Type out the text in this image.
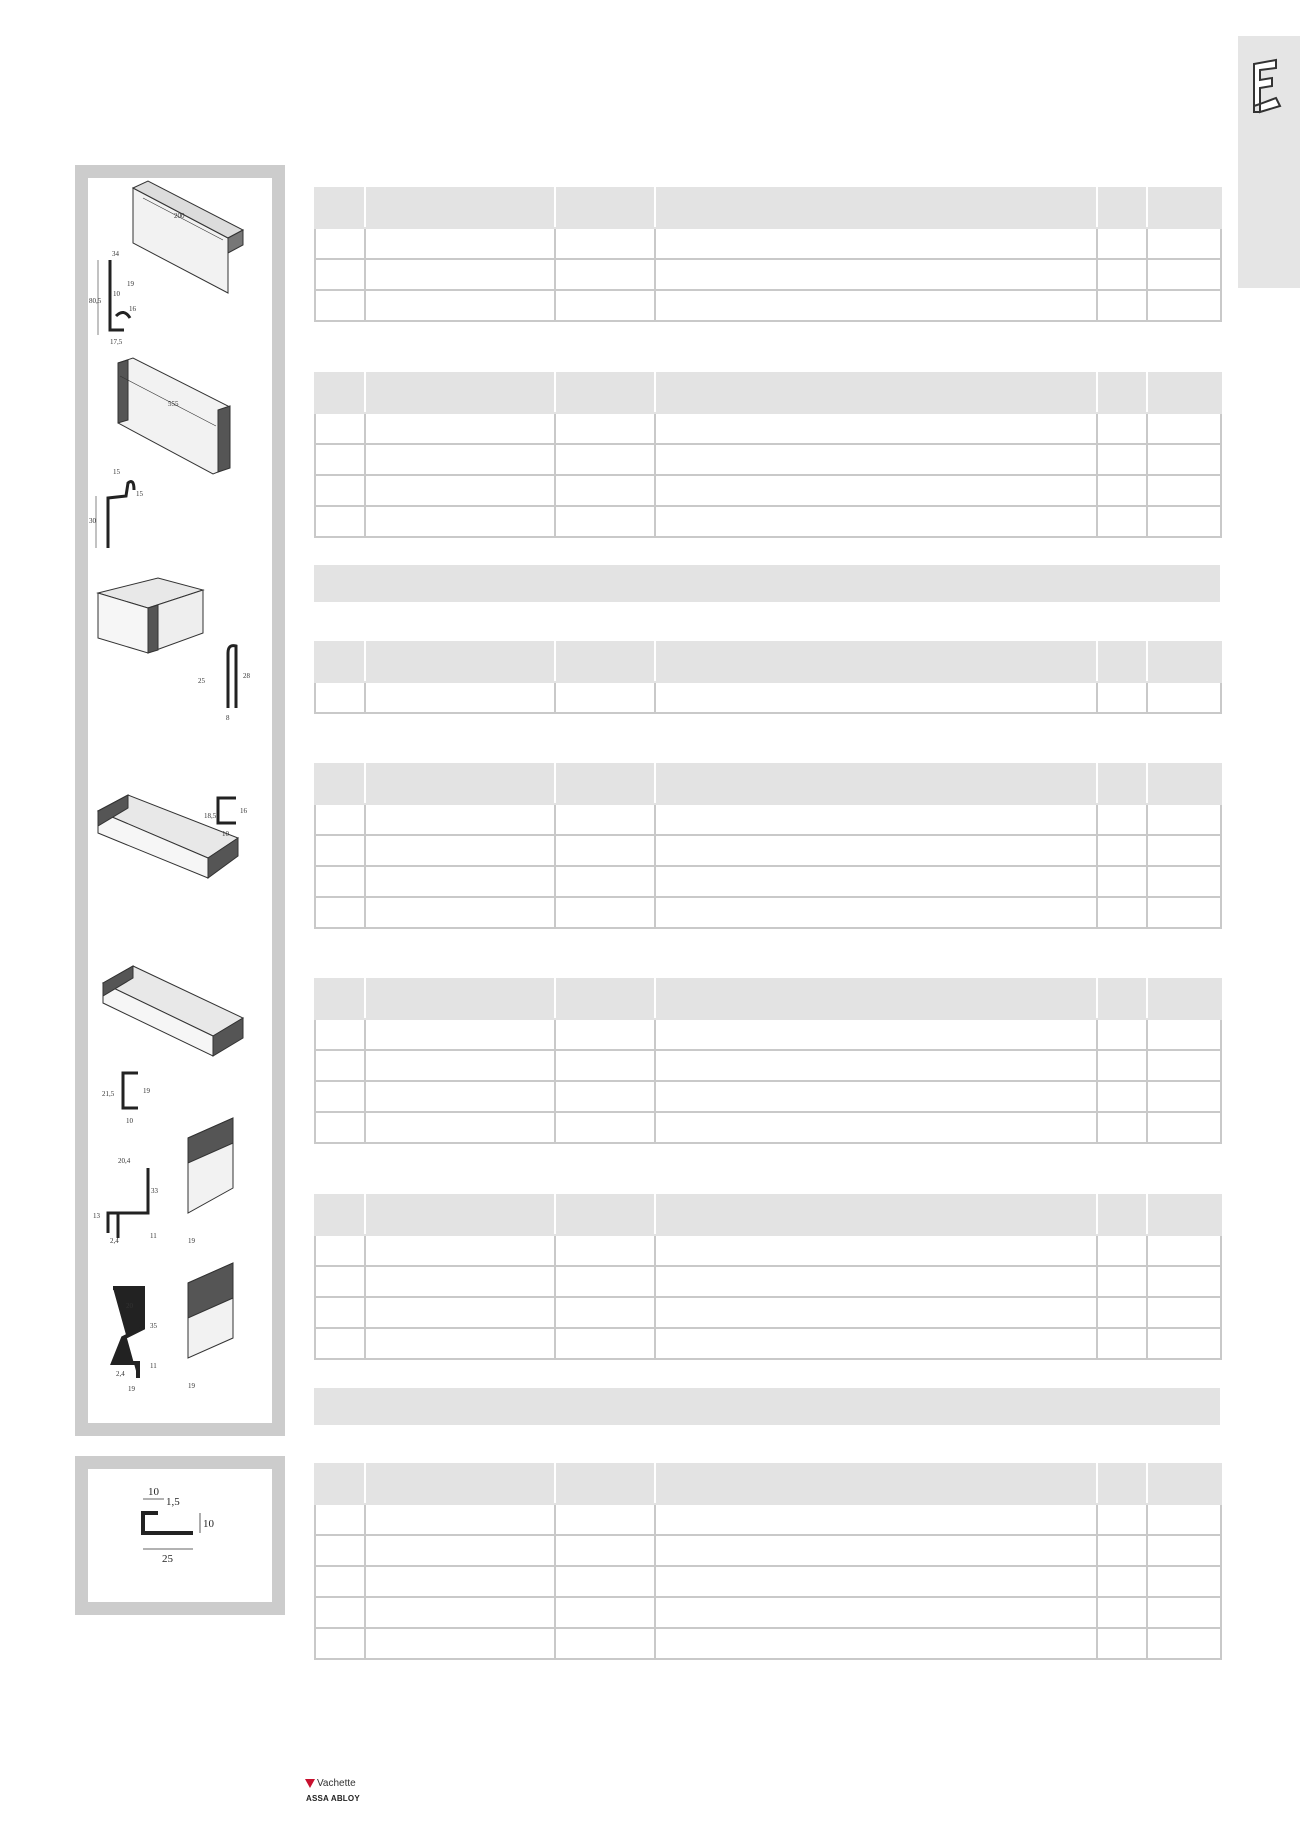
200
80,5
34
19
10
16
17,5
555
30
15
15
25
28
8
18,5
16
10
21,5	19
10
20,4
33
13
2,4
11
19
20
35
11
2,4
19	19
10
1,5
10
25

Vachette
ASSA ABLOY
